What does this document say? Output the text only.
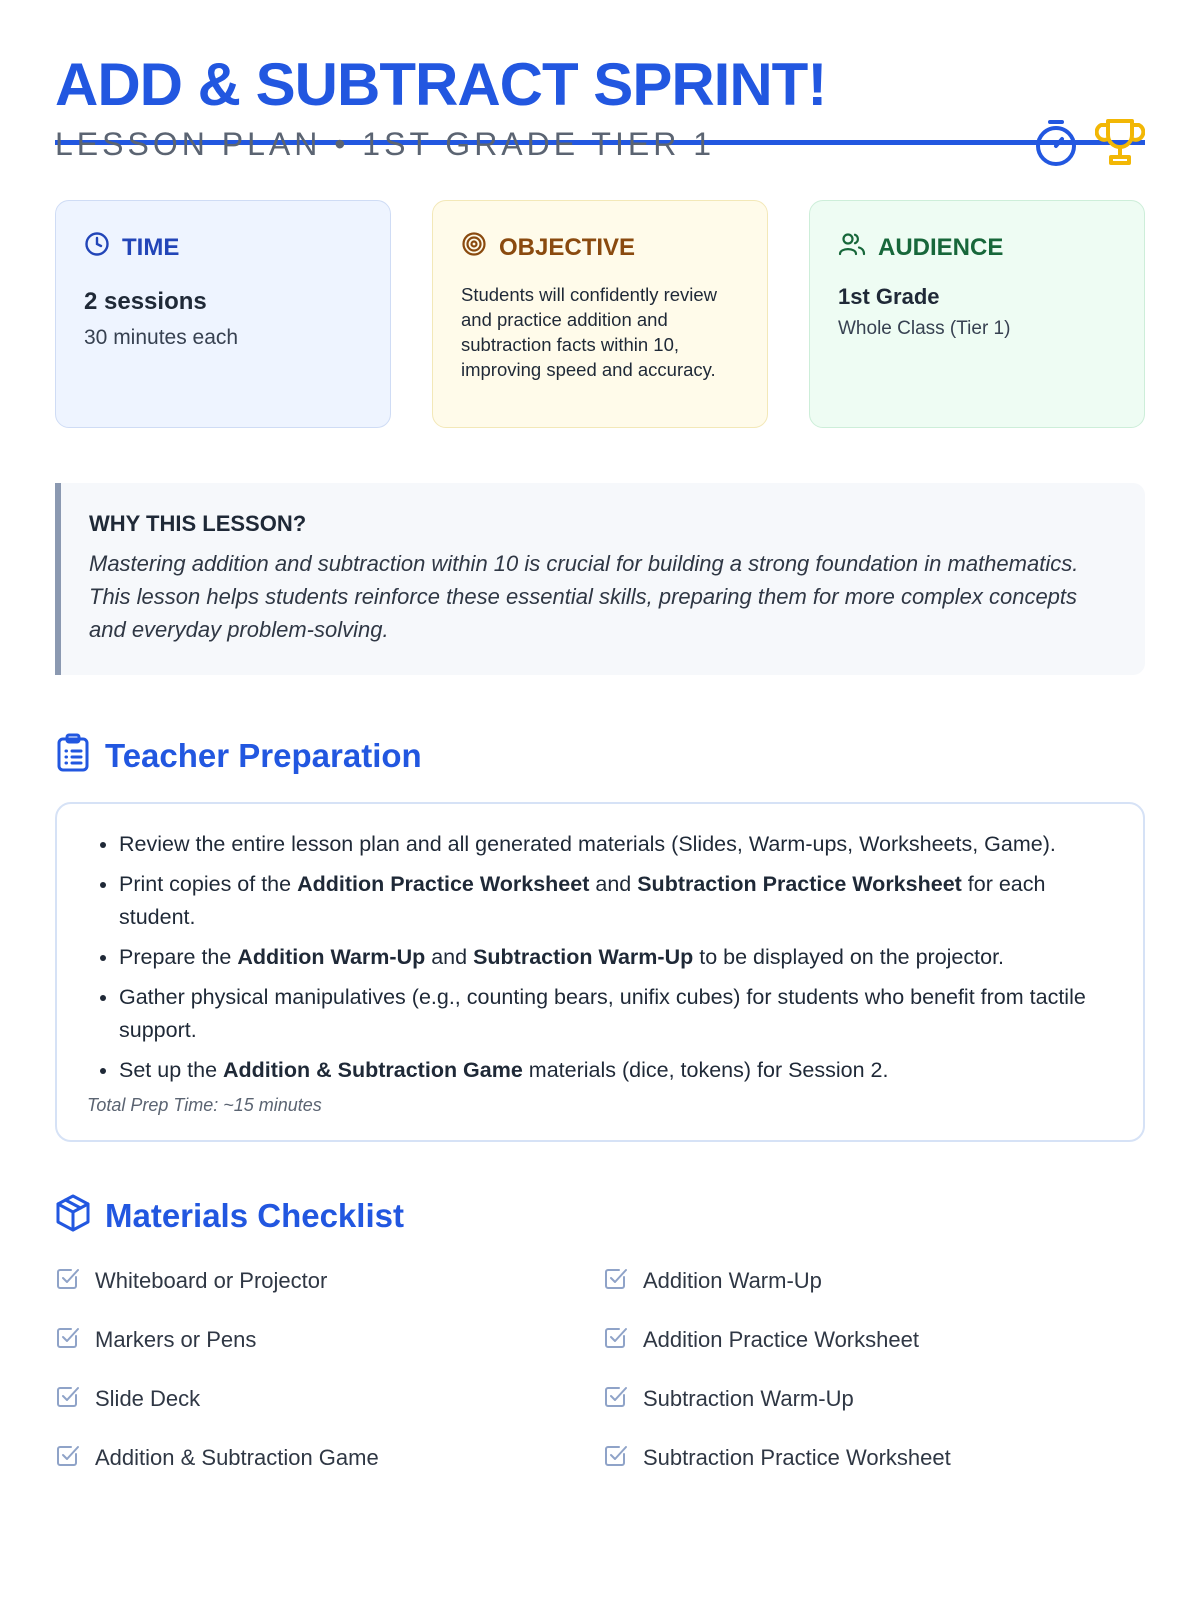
ADD & SUBTRACT SPRINT!
LESSON PLAN • 1ST GRADE TIER 1
TIME
2 sessions
30 minutes each
OBJECTIVE
Students will confidently review and practice addition and subtraction facts within 10, improving speed and accuracy.
AUDIENCE
1st Grade
Whole Class (Tier 1)
WHY THIS LESSON?
Mastering addition and subtraction within 10 is crucial for building a strong foundation in mathematics. This lesson helps students reinforce these essential skills, preparing them for more complex concepts and everyday problem-solving.
Teacher Preparation
• Review the entire lesson plan and all generated materials (Slides, Warm-ups, Worksheets, Game).
• Print copies of the Addition Practice Worksheet and Subtraction Practice Worksheet for each student.
• Prepare the Addition Warm-Up and Subtraction Warm-Up to be displayed on the projector.
• Gather physical manipulatives (e.g., counting bears, unifix cubes) for students who benefit from tactile support.
• Set up the Addition & Subtraction Game materials (dice, tokens) for Session 2.
Total Prep Time: ~15 minutes
Materials Checklist
Whiteboard or Projector	Addition Warm-Up
Markers or Pens	Addition Practice Worksheet
Slide Deck	Subtraction Warm-Up
Addition & Subtraction Game	Subtraction Practice Worksheet
